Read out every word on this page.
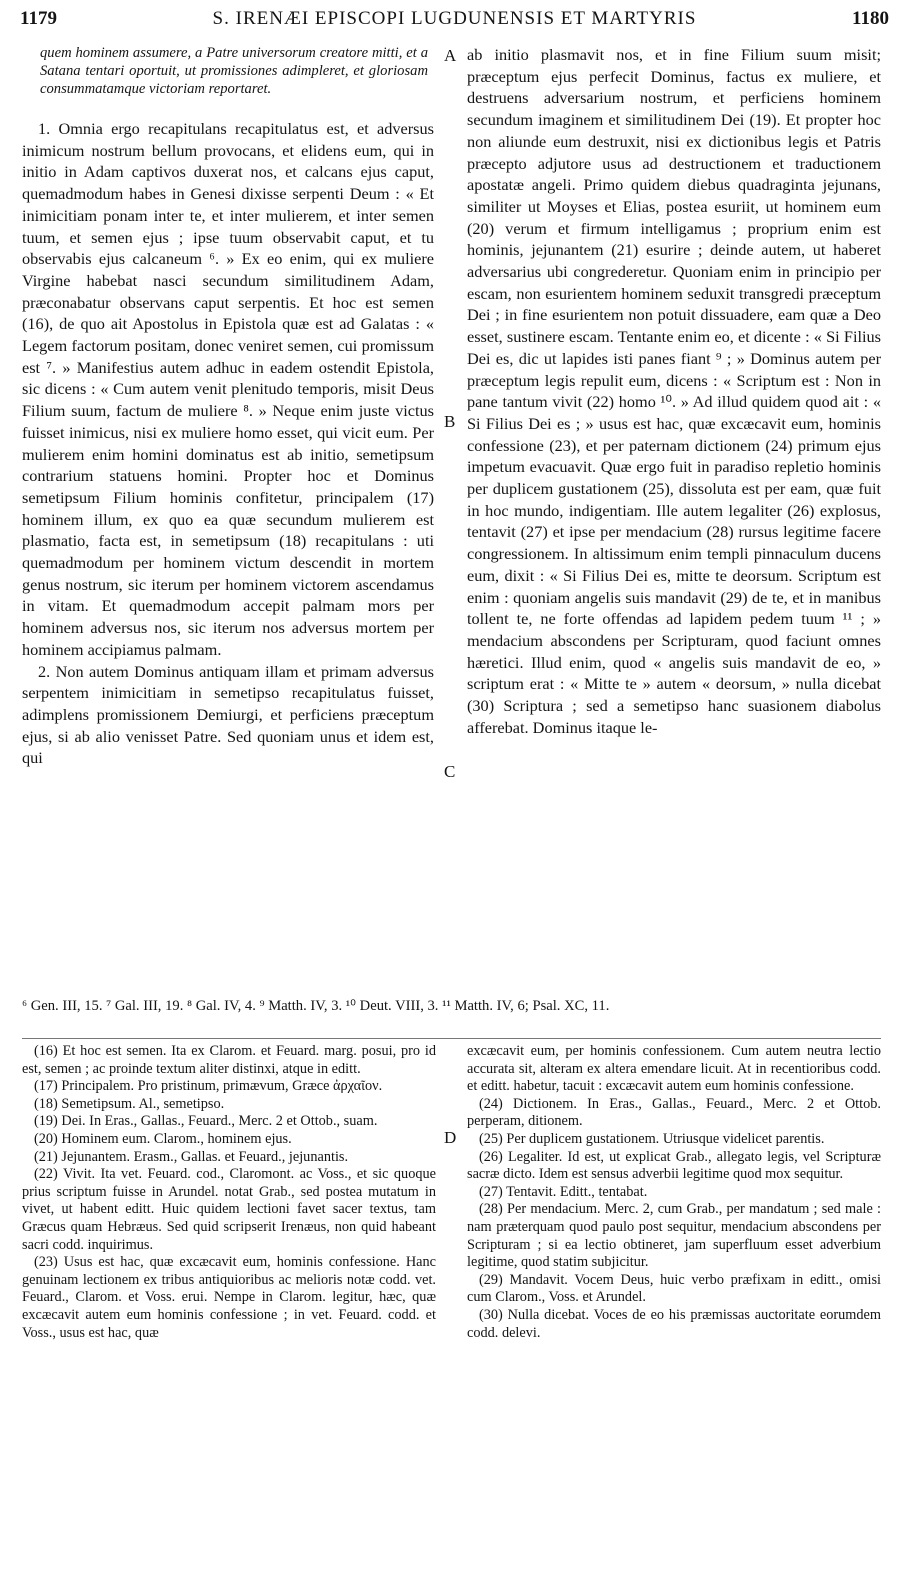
1179	S. IRENÆI EPISCOPI LUGDUNENSIS ET MARTYRIS	1180

quem hominem assumere, a Patre universorum creatore mitti, et a Satana tentari oportuit, ut promissiones adimpleret, et gloriosam consummatamque victoriam reportaret.

1. Omnia ergo recapitulans recapitulatus est, et adversus inimicum nostrum bellum provocans, et elidens eum, qui in initio in Adam captivos duxerat nos, et calcans ejus caput, quemadmodum habes in Genesi dixisse serpenti Deum : « Et inimicitiam ponam inter te, et inter mulierem, et inter semen tuum, et semen ejus ; ipse tuum observabit caput, et tu observabis ejus calcaneum ⁶. » Ex eo enim, qui ex muliere Virgine habebat nasci secundum similitudinem Adam, præconabatur observans caput serpentis. Et hoc est semen (16), de quo ait Apostolus in Epistola quæ est ad Galatas : « Legem factorum positam, donec veniret semen, cui promissum est ⁷. » Manifestius autem adhuc in eadem ostendit Epistola, sic dicens : « Cum autem venit plenitudo temporis, misit Deus Filium suum, factum de muliere ⁸. » Neque enim juste victus fuisset inimicus, nisi ex muliere homo esset, qui vicit eum. Per mulierem enim homini dominatus est ab initio, semetipsum contrarium statuens homini. Propter hoc et Dominus semetipsum Filium hominis confitetur, principalem (17) hominem illum, ex quo ea quæ secundum mulierem est plasmatio, facta est, in semetipsum (18) recapitulans : uti quemadmodum per hominem victum descendit in mortem genus nostrum, sic iterum per hominem victorem ascendamus in vitam. Et quemadmodum accepit palmam mors per hominem adversus nos, sic iterum nos adversus mortem per hominem accipiamus palmam.

2. Non autem Dominus antiquam illam et primam adversus serpentem inimicitiam in semetipso recapitulatus fuisset, adimplens promissionem Demiurgi, et perficiens præceptum ejus, si ab alio venisset Patre. Sed quoniam unus et idem est, qui

A
B
C
D

ab initio plasmavit nos, et in fine Filium suum misit; præceptum ejus perfecit Dominus, factus ex muliere, et destruens adversarium nostrum, et perficiens hominem secundum imaginem et similitudinem Dei (19). Et propter hoc non aliunde eum destruxit, nisi ex dictionibus legis et Patris præcepto adjutore usus ad destructionem et traductionem apostatæ angeli. Primo quidem diebus quadraginta jejunans, similiter ut Moyses et Elias, postea esuriit, ut hominem eum (20) verum et firmum intelligamus ; proprium enim est hominis, jejunantem (21) esurire ; deinde autem, ut haberet adversarius ubi congrederetur. Quoniam enim in principio per escam, non esurientem hominem seduxit transgredi præceptum Dei ; in fine esurientem non potuit dissuadere, eam quæ a Deo esset, sustinere escam. Tentante enim eo, et dicente : « Si Filius Dei es, dic ut lapides isti panes fiant ⁹ ; » Dominus autem per præceptum legis repulit eum, dicens : « Scriptum est : Non in pane tantum vivit (22) homo ¹⁰. » Ad illud quidem quod ait : « Si Filius Dei es ; » usus est hac, quæ excæcavit eum, hominis confessione (23), et per paternam dictionem (24) primum ejus impetum evacuavit. Quæ ergo fuit in paradiso repletio hominis per duplicem gustationem (25), dissoluta est per eam, quæ fuit in hoc mundo, indigentiam. Ille autem legaliter (26) explosus, tentavit (27) et ipse per mendacium (28) rursus legitime facere congressionem. In altissimum enim templi pinnaculum ducens eum, dixit : « Si Filius Dei es, mitte te deorsum. Scriptum est enim : quoniam angelis suis mandavit (29) de te, et in manibus tollent te, ne forte offendas ad lapidem pedem tuum ¹¹ ; » mendacium abscondens per Scripturam, quod faciunt omnes hæretici. Illud enim, quod « angelis suis mandavit de eo, » scriptum erat : « Mitte te » autem « deorsum, » nulla dicebat (30) Scriptura ; sed a semetipso hanc suasionem diabolus afferebat. Dominus itaque le-

⁶ Gen. III, 15. ⁷ Gal. III, 19. ⁸ Gal. IV, 4. ⁹ Matth. IV, 3. ¹⁰ Deut. VIII, 3. ¹¹ Matth. IV, 6; Psal. XC, 11.

(16) Et hoc est semen. Ita ex Clarom. et Feuard. marg. posui, pro id est, semen ; ac proinde textum aliter distinxi, atque in editt.

(17) Principalem. Pro pristinum, primævum, Græce ἀρχαῖον.

(18) Semetipsum. Al., semetipso.

(19) Dei. In Eras., Gallas., Feuard., Merc. 2 et Ottob., suam.

(20) Hominem eum. Clarom., hominem ejus.

(21) Jejunantem. Erasm., Gallas. et Feuard., jejunantis.

(22) Vivit. Ita vet. Feuard. cod., Claromont. ac Voss., et sic quoque prius scriptum fuisse in Arundel. notat Grab., sed postea mutatum in vivet, ut habent editt. Huic quidem lectioni favet sacer textus, tam Græcus quam Hebræus. Sed quid scripserit Irenæus, non quid habeant sacri codd. inquirimus.

(23) Usus est hac, quæ excæcavit eum, hominis confessione. Hanc genuinam lectionem ex tribus antiquioribus ac melioris notæ codd. vet. Feuard., Clarom. et Voss. erui. Nempe in Clarom. legitur, hæc, quæ excæcavit autem eum hominis confessione ; in vet. Feuard. codd. et Voss., usus est hac, quæ

excæcavit eum, per hominis confessionem. Cum autem neutra lectio accurata sit, alteram ex altera emendare licuit. At in recentioribus codd. et editt. habetur, tacuit : excæcavit autem eum hominis confessione.

(24) Dictionem. In Eras., Gallas., Feuard., Merc. 2 et Ottob. perperam, ditionem.

(25) Per duplicem gustationem. Utriusque videlicet parentis.

(26) Legaliter. Id est, ut explicat Grab., allegato legis, vel Scripturæ sacræ dicto. Idem est sensus adverbii legitime quod mox sequitur.

(27) Tentavit. Editt., tentabat.

(28) Per mendacium. Merc. 2, cum Grab., per mandatum ; sed male : nam præterquam quod paulo post sequitur, mendacium abscondens per Scripturam ; si ea lectio obtineret, jam superfluum esset adverbium legitime, quod statim subjicitur.

(29) Mandavit. Vocem Deus, huic verbo præfixam in editt., omisi cum Clarom., Voss. et Arundel.

(30) Nulla dicebat. Voces de eo his præmissas auctoritate eorumdem codd. delevi.
